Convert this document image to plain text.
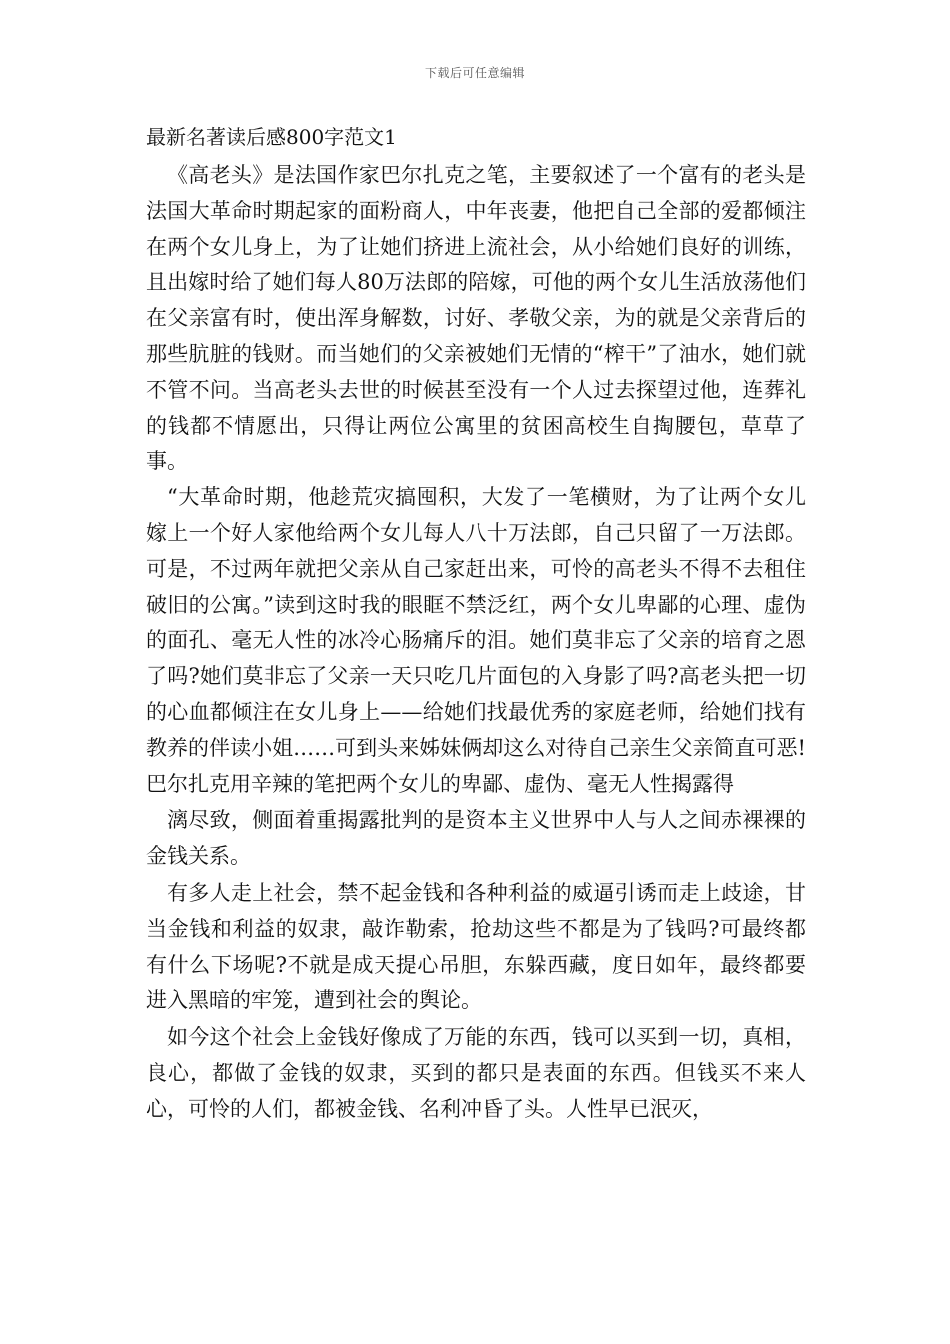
下载后可任意编辑
最新名著读后感800字范文1

《高老头》是法国作家巴尔扎克之笔，主要叙述了一个富有的老头是法国大革命时期起家的面粉商人，中年丧妻，他把自己全部的爱都倾注在两个女儿身上，为了让她们挤进上流社会，从小给她们良好的训练，且出嫁时给了她们每人80万法郎的陪嫁，可他的两个女儿生活放荡他们在父亲富有时，使出浑身解数，讨好、孝敬父亲，为的就是父亲背后的那些肮脏的钱财。而当她们的父亲被她们无情的“榨干”了油水，她们就不管不问。当高老头去世的时候甚至没有一个人过去探望过他，连葬礼的钱都不情愿出，只得让两位公寓里的贫困高校生自掏腰包，草草了事。

“大革命时期，他趁荒灾搞囤积，大发了一笔横财，为了让两个女儿嫁上一个好人家他给两个女儿每人八十万法郎，自己只留了一万法郎。可是，不过两年就把父亲从自己家赶出来，可怜的高老头不得不去租住破旧的公寓。”读到这时我的眼眶不禁泛红，两个女儿卑鄙的心理、虚伪的面孔、毫无人性的冰冷心肠痛斥的泪。她们莫非忘了父亲的培育之恩了吗?她们莫非忘了父亲一天只吃几片面包的入身影了吗?高老头把一切的心血都倾注在女儿身上——给她们找最优秀的家庭老师，给她们找有教养的伴读小姐……可到头来姊妹俩却这么对待自己亲生父亲简直可恶!巴尔扎克用辛辣的笔把两个女儿的卑鄙、虚伪、毫无人性揭露得

漓尽致，侧面着重揭露批判的是资本主义世界中人与人之间赤裸裸的金钱关系。

有多人走上社会，禁不起金钱和各种利益的威逼引诱而走上歧途，甘当金钱和利益的奴隶，敲诈勒索，抢劫这些不都是为了钱吗?可最终都有什么下场呢?不就是成天提心吊胆，东躲西藏，度日如年，最终都要进入黑暗的牢笼，遭到社会的舆论。

如今这个社会上金钱好像成了万能的东西，钱可以买到一切，真相，良心，都做了金钱的奴隶，买到的都只是表面的东西。但钱买不来人心，可怜的人们，都被金钱、名利冲昏了头。人性早已泯灭，
